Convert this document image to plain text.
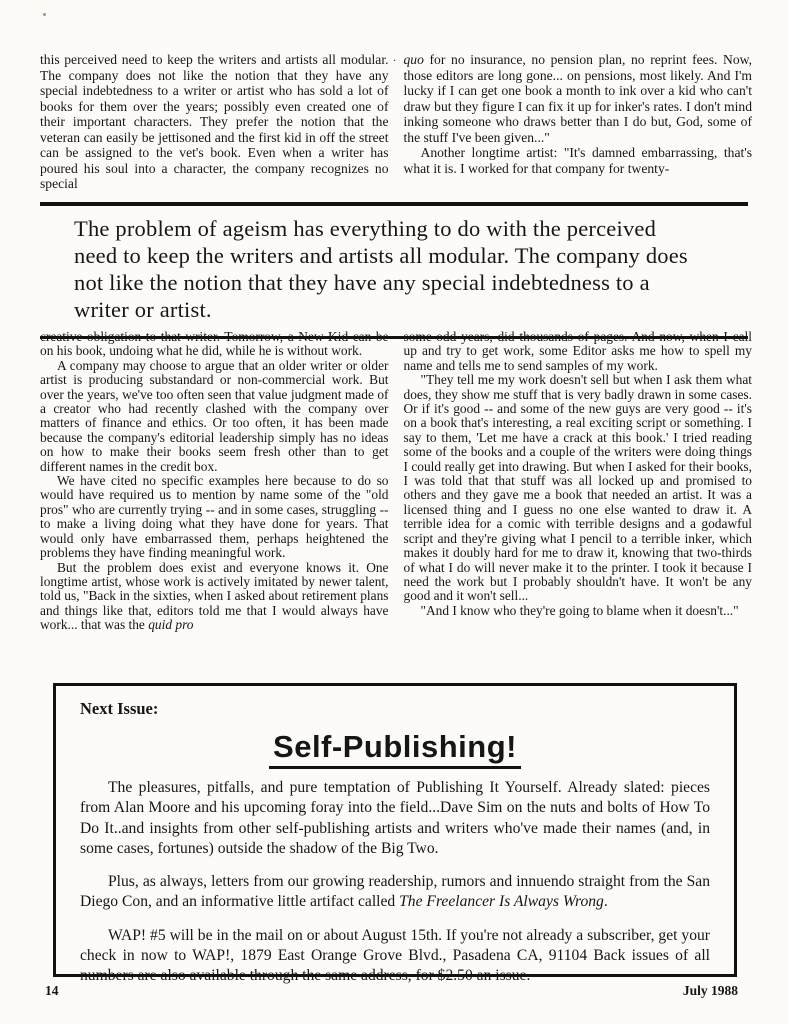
this perceived need to keep the writers and artists all modular. The company does not like the notion that they have any special indebtedness to a writer or artist who has sold a lot of books for them over the years; possibly even created one of their important characters. They prefer the notion that the veteran can easily be jettisoned and the first kid in off the street can be assigned to the vet's book. Even when a writer has poured his soul into a character, the company recognizes no special

· quo for no insurance, no pension plan, no reprint fees. Now, those editors are long gone... on pensions, most likely. And I'm lucky if I can get one book a month to ink over a kid who can't draw but they figure I can fix it up for inker's rates. I don't mind inking someone who draws better than I do but, God, some of the stuff I've been given..."

Another longtime artist: "It's damned embarrassing, that's what it is. I worked for that company for twenty-

The problem of ageism has everything to do with the perceived need to keep the writers and artists all modular. The company does not like the notion that they have any special indebtedness to a writer or artist.

creative obligation to that writer. Tomorrow, a New Kid can be on his book, undoing what he did, while he is without work.

A company may choose to argue that an older writer or older artist is producing substandard or non-commercial work. But over the years, we've too often seen that value judgment made of a creator who had recently clashed with the company over matters of finance and ethics. Or too often, it has been made because the company's editorial leadership simply has no ideas on how to make their books seem fresh other than to get different names in the credit box.

We have cited no specific examples here because to do so would have required us to mention by name some of the "old pros" who are currently trying -- and in some cases, struggling -- to make a living doing what they have done for years. That would only have embarrassed them, perhaps heightened the problems they have finding meaningful work.

But the problem does exist and everyone knows it. One longtime artist, whose work is actively imitated by newer talent, told us, "Back in the sixties, when I asked about retirement plans and things like that, editors told me that I would always have work... that was the quid pro

some-odd years, did thousands of pages. And now, when I call up and try to get work, some Editor asks me how to spell my name and tells me to send samples of my work.

"They tell me my work doesn't sell but when I ask them what does, they show me stuff that is very badly drawn in some cases. Or if it's good -- and some of the new guys are very good -- it's on a book that's interesting, a real exciting script or something. I say to them, 'Let me have a crack at this book.' I tried reading some of the books and a couple of the writers were doing things I could really get into drawing. But when I asked for their books, I was told that that stuff was all locked up and promised to others and they gave me a book that needed an artist. It was a licensed thing and I guess no one else wanted to draw it. A terrible idea for a comic with terrible designs and a godawful script and they're giving what I pencil to a terrible inker, which makes it doubly hard for me to draw it, knowing that two-thirds of what I do will never make it to the printer. I took it because I need the work but I probably shouldn't have. It won't be any good and it won't sell...

"And I know who they're going to blame when it doesn't..."

Next Issue:

Self-Publishing!

The pleasures, pitfalls, and pure temptation of Publishing It Yourself. Already slated: pieces from Alan Moore and his upcoming foray into the field...Dave Sim on the nuts and bolts of How To Do It..and insights from other self-publishing artists and writers who've made their names (and, in some cases, fortunes) outside the shadow of the Big Two.

Plus, as always, letters from our growing readership, rumors and innuendo straight from the San Diego Con, and an informative little artifact called The Freelancer Is Always Wrong.

WAP! #5 will be in the mail on or about August 15th. If you're not already a subscriber, get your check in now to WAP!, 1879 East Orange Grove Blvd., Pasadena CA, 91104 Back issues of all numbers are also available through the same address, for $2.50 an issue.

14	July 1988
